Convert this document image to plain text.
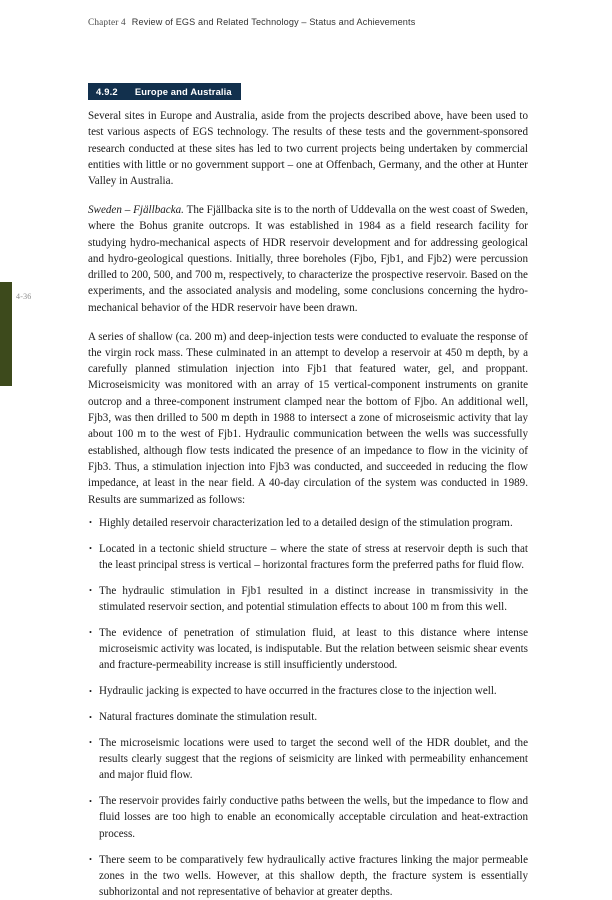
Chapter 4 Review of EGS and Related Technology – Status and Achievements
4-36
4.9.2 Europe and Australia

Several sites in Europe and Australia, aside from the projects described above, have been used to test various aspects of EGS technology. The results of these tests and the government-sponsored research conducted at these sites has led to two current projects being undertaken by commercial entities with little or no government support – one at Offenbach, Germany, and the other at Hunter Valley in Australia.

Sweden – Fjällbacka. The Fjällbacka site is to the north of Uddevalla on the west coast of Sweden, where the Bohus granite outcrops. It was established in 1984 as a field research facility for studying hydro-mechanical aspects of HDR reservoir development and for addressing geological and hydro-geological questions. Initially, three boreholes (Fjbo, Fjb1, and Fjb2) were percussion drilled to 200, 500, and 700 m, respectively, to characterize the prospective reservoir. Based on the experiments, and the associated analysis and modeling, some conclusions concerning the hydro-mechanical behavior of the HDR reservoir have been drawn.

A series of shallow (ca. 200 m) and deep-injection tests were conducted to evaluate the response of the virgin rock mass. These culminated in an attempt to develop a reservoir at 450 m depth, by a carefully planned stimulation injection into Fjb1 that featured water, gel, and proppant. Microseismicity was monitored with an array of 15 vertical-component instruments on granite outcrop and a three-component instrument clamped near the bottom of Fjbo. An additional well, Fjb3, was then drilled to 500 m depth in 1988 to intersect a zone of microseismic activity that lay about 100 m to the west of Fjb1. Hydraulic communication between the wells was successfully established, although flow tests indicated the presence of an impedance to flow in the vicinity of Fjb3. Thus, a stimulation injection into Fjb3 was conducted, and succeeded in reducing the flow impedance, at least in the near field. A 40-day circulation of the system was conducted in 1989. Results are summarized as follows:

• Highly detailed reservoir characterization led to a detailed design of the stimulation program.
• Located in a tectonic shield structure – where the state of stress at reservoir depth is such that the least principal stress is vertical – horizontal fractures form the preferred paths for fluid flow.
• The hydraulic stimulation in Fjb1 resulted in a distinct increase in transmissivity in the stimulated reservoir section, and potential stimulation effects to about 100 m from this well.
• The evidence of penetration of stimulation fluid, at least to this distance where intense microseismic activity was located, is indisputable. But the relation between seismic shear events and fracture-permeability increase is still insufficiently understood.
• Hydraulic jacking is expected to have occurred in the fractures close to the injection well.
• Natural fractures dominate the stimulation result.
• The microseismic locations were used to target the second well of the HDR doublet, and the results clearly suggest that the regions of seismicity are linked with permeability enhancement and major fluid flow.
• The reservoir provides fairly conductive paths between the wells, but the impedance to flow and fluid losses are too high to enable an economically acceptable circulation and heat-extraction process.
• There seem to be comparatively few hydraulically active fractures linking the major permeable zones in the two wells. However, at this shallow depth, the fracture system is essentially subhorizontal and not representative of behavior at greater depths.
